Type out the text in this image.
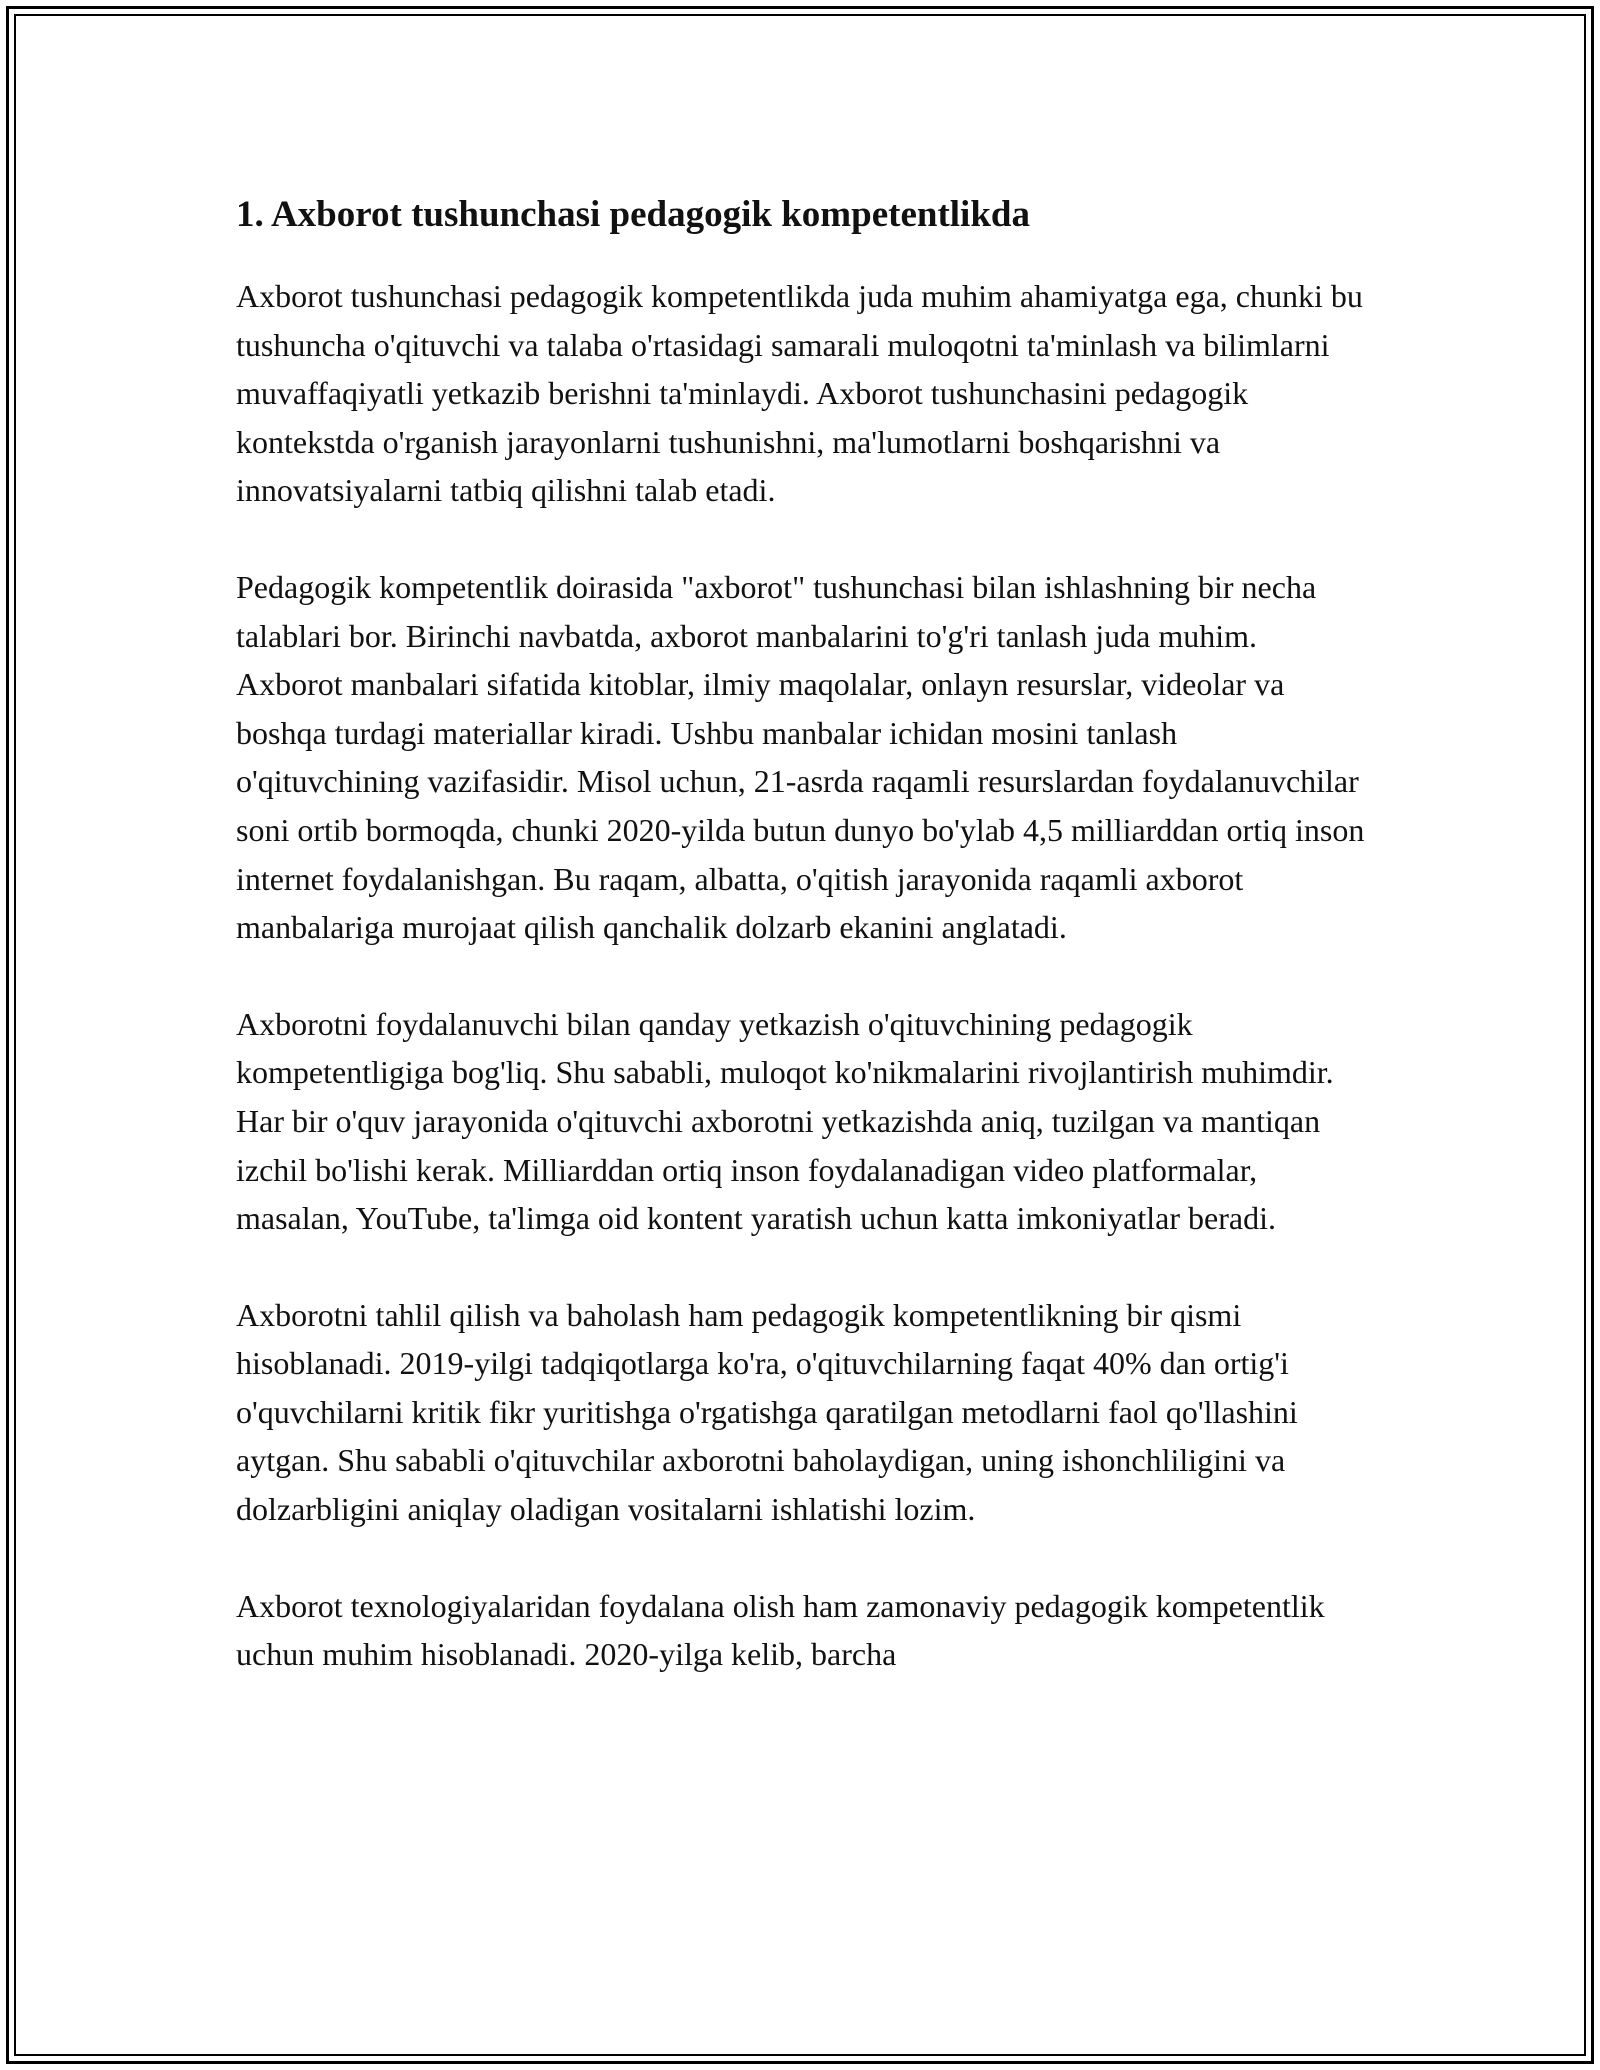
1. Axborot tushunchasi pedagogik kompetentlikda

Axborot tushunchasi pedagogik kompetentlikda juda muhim ahamiyatga ega, chunki bu tushuncha o'qituvchi va talaba o'rtasidagi samarali muloqotni ta'minlash va bilimlarni muvaffaqiyatli yetkazib berishni ta'minlaydi. Axborot tushunchasini pedagogik kontekstda o'rganish jarayonlarni tushunishni, ma'lumotlarni boshqarishni va innovatsiyalarni tatbiq qilishni talab etadi.

Pedagogik kompetentlik doirasida "axborot" tushunchasi bilan ishlashning bir necha talablari bor. Birinchi navbatda, axborot manbalarini to'g'ri tanlash juda muhim. Axborot manbalari sifatida kitoblar, ilmiy maqolalar, onlayn resurslar, videolar va boshqa turdagi materiallar kiradi. Ushbu manbalar ichidan mosini tanlash o'qituvchining vazifasidir. Misol uchun, 21-asrda raqamli resurslardan foydalanuvchilar soni ortib bormoqda, chunki 2020-yilda butun dunyo bo'ylab 4,5 milliarddan ortiq inson internet foydalanishgan. Bu raqam, albatta, o'qitish jarayonida raqamli axborot manbalariga murojaat qilish qanchalik dolzarb ekanini anglatadi.

Axborotni foydalanuvchi bilan qanday yetkazish o'qituvchining pedagogik kompetentligiga bog'liq. Shu sababli, muloqot ko'nikmalarini rivojlantirish muhimdir. Har bir o'quv jarayonida o'qituvchi axborotni yetkazishda aniq, tuzilgan va mantiqan izchil bo'lishi kerak. Milliarddan ortiq inson foydalanadigan video platformalar, masalan, YouTube, ta'limga oid kontent yaratish uchun katta imkoniyatlar beradi.

Axborotni tahlil qilish va baholash ham pedagogik kompetentlikning bir qismi hisoblanadi. 2019-yilgi tadqiqotlarga ko'ra, o'qituvchilarning faqat 40% dan ortig'i o'quvchilarni kritik fikr yuritishga o'rgatishga qaratilgan metodlarni faol qo'llashini aytgan. Shu sababli o'qituvchilar axborotni baholaydigan, uning ishonchliligini va dolzarbligini aniqlay oladigan vositalarni ishlatishi lozim.

Axborot texnologiyalaridan foydalana olish ham zamonaviy pedagogik kompetentlik uchun muhim hisoblanadi. 2020-yilga kelib, barcha
